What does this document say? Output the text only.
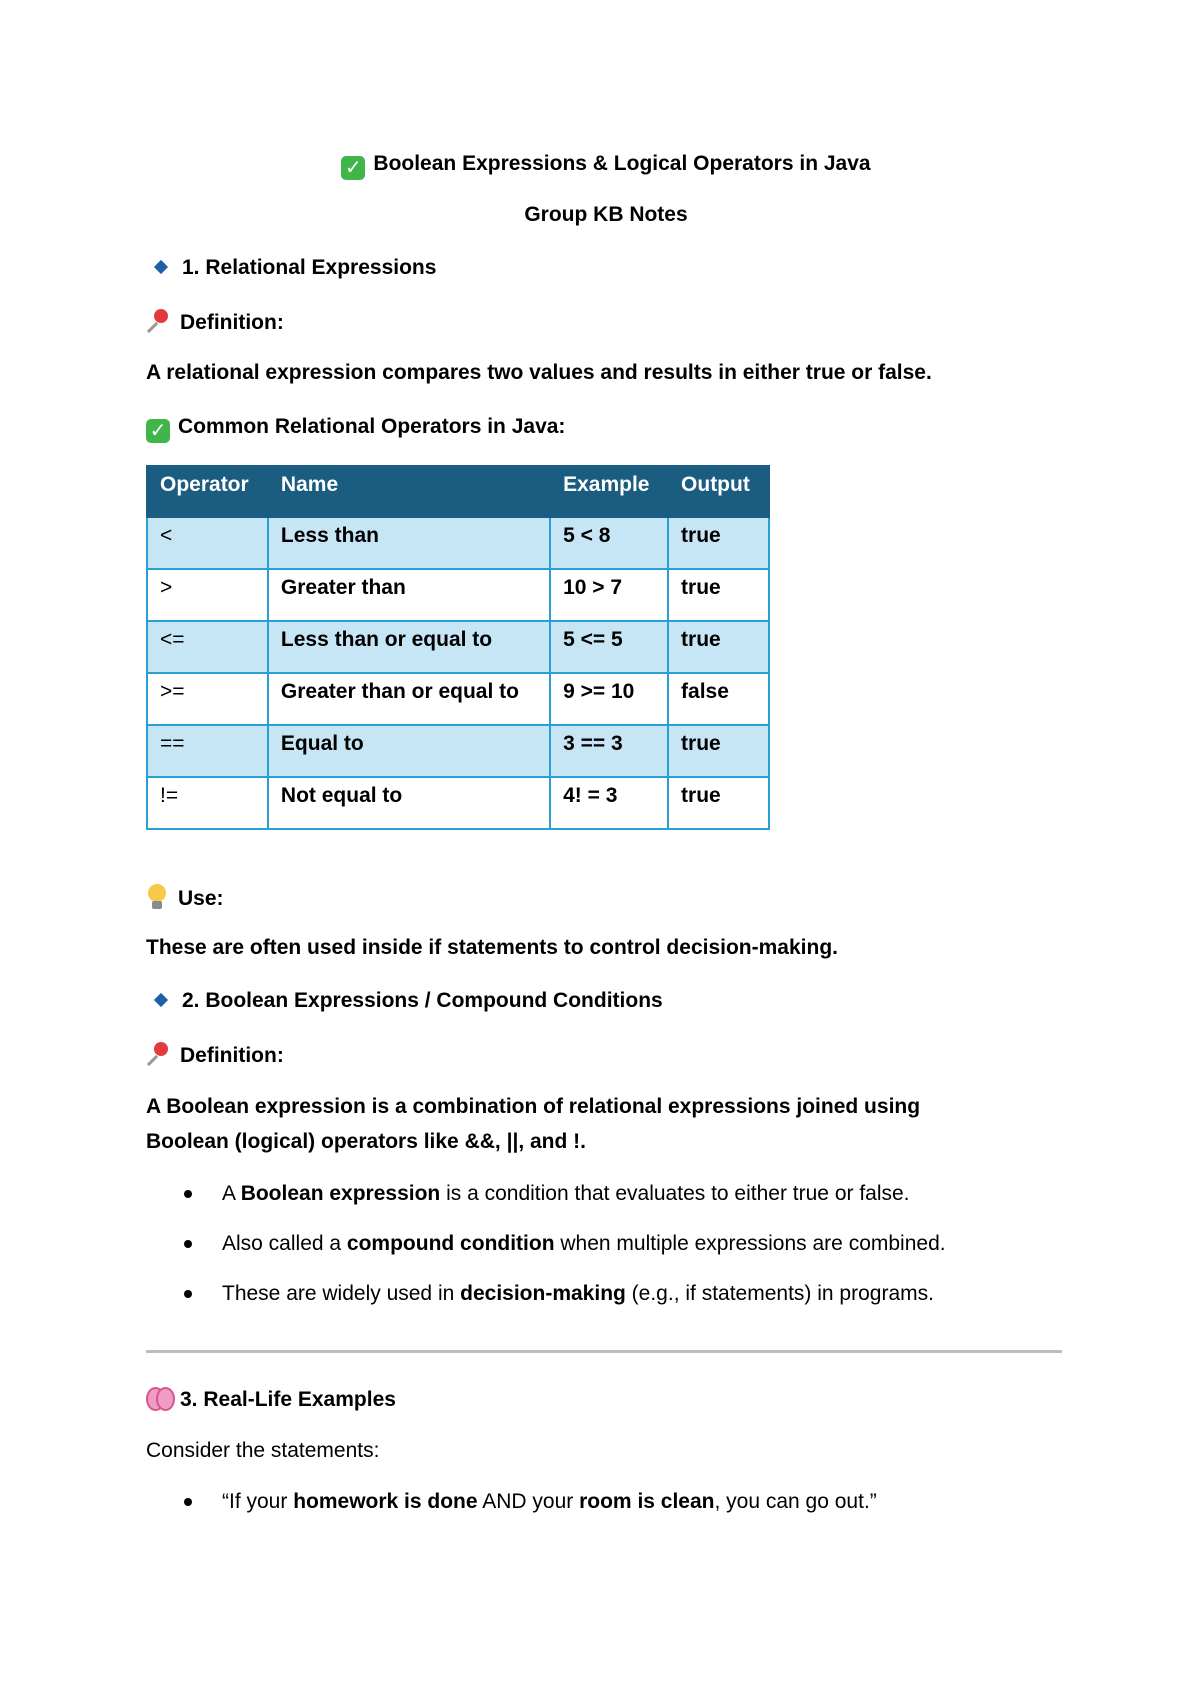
✓ Boolean Expressions & Logical Operators in Java
Group KB Notes
1. Relational Expressions
Definition:
A relational expression compares two values and results in either true or false.
✓ Common Relational Operators in Java:
Operator	Name	Example	Output
<	Less than	5 < 8	true
>	Greater than	10 > 7	true
<=	Less than or equal to	5 <= 5	true
>=	Greater than or equal to	9 >= 10	false
==	Equal to	3 == 3	true
!=	Not equal to	4! = 3	true
Use:
These are often used inside if statements to control decision-making.
2. Boolean Expressions / Compound Conditions
Definition:
A Boolean expression is a combination of relational expressions joined using
Boolean (logical) operators like &&, ||, and !.
A Boolean expression is a condition that evaluates to either true or false.
Also called a compound condition when multiple expressions are combined.
These are widely used in decision-making (e.g., if statements) in programs.
3. Real-Life Examples
Consider the statements:
“If your homework is done AND your room is clean, you can go out.”
